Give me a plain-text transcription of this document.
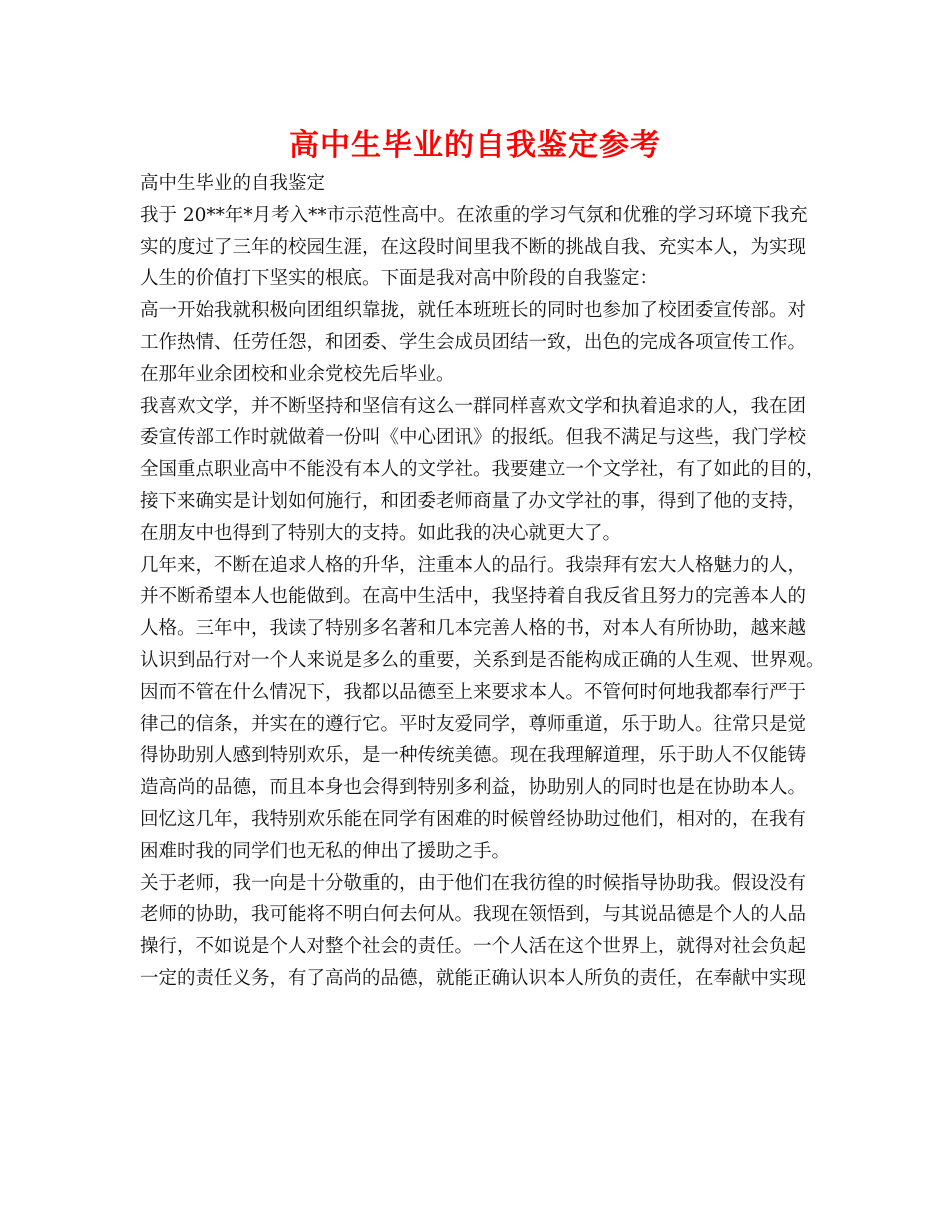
高中生毕业的自我鉴定参考
高中生毕业的自我鉴定
我于 20**年*月考入**市示范性高中。在浓重的学习气氛和优雅的学习环境下我充
实的度过了三年的校园生涯，在这段时间里我不断的挑战自我、充实本人，为实现
人生的价值打下坚实的根底。下面是我对高中阶段的自我鉴定：
高一开始我就积极向团组织靠拢，就任本班班长的同时也参加了校团委宣传部。对
工作热情、任劳任怨，和团委、学生会成员团结一致，出色的完成各项宣传工作。
在那年业余团校和业余党校先后毕业。
我喜欢文学，并不断坚持和坚信有这么一群同样喜欢文学和执着追求的人，我在团
委宣传部工作时就做着一份叫《中心团讯》的报纸。但我不满足与这些，我门学校
全国重点职业高中不能没有本人的文学社。我要建立一个文学社，有了如此的目的，
接下来确实是计划如何施行，和团委老师商量了办文学社的事，得到了他的支持，
在朋友中也得到了特别大的支持。如此我的决心就更大了。
几年来，不断在追求人格的升华，注重本人的品行。我崇拜有宏大人格魅力的人，
并不断希望本人也能做到。在高中生活中，我坚持着自我反省且努力的完善本人的
人格。三年中，我读了特别多名著和几本完善人格的书，对本人有所协助，越来越
认识到品行对一个人来说是多么的重要，关系到是否能构成正确的人生观、世界观。
因而不管在什么情况下，我都以品德至上来要求本人。不管何时何地我都奉行严于
律己的信条，并实在的遵行它。平时友爱同学，尊师重道，乐于助人。往常只是觉
得协助别人感到特别欢乐，是一种传统美德。现在我理解道理，乐于助人不仅能铸
造高尚的品德，而且本身也会得到特别多利益，协助别人的同时也是在协助本人。
回忆这几年，我特别欢乐能在同学有困难的时候曾经协助过他们，相对的，在我有
困难时我的同学们也无私的伸出了援助之手。
关于老师，我一向是十分敬重的，由于他们在我彷徨的时候指导协助我。假设没有
老师的协助，我可能将不明白何去何从。我现在领悟到，与其说品德是个人的人品
操行，不如说是个人对整个社会的责任。一个人活在这个世界上，就得对社会负起
一定的责任义务，有了高尚的品德，就能正确认识本人所负的责任，在奉献中实现
